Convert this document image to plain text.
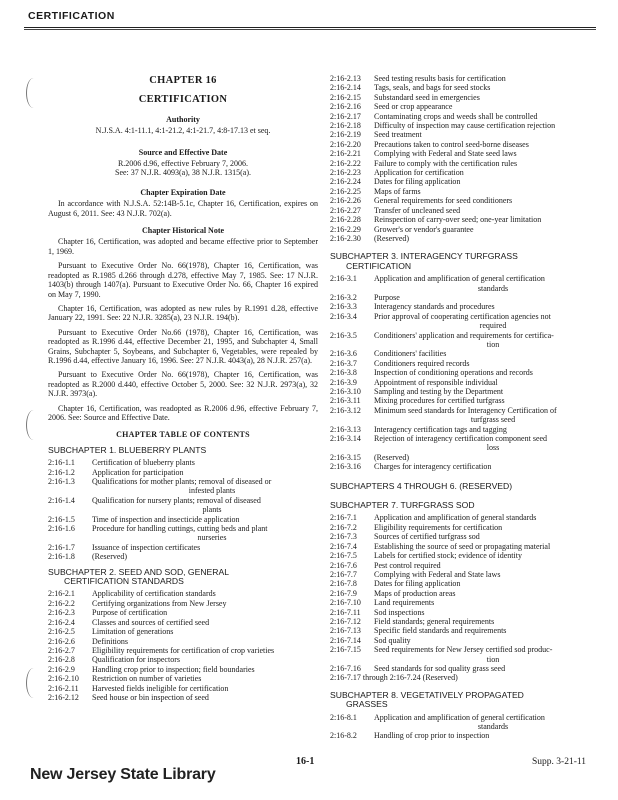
CERTIFICATION
CHAPTER 16
CERTIFICATION
Authority
N.J.S.A. 4:1-11.1, 4:1-21.2, 4:1-21.7, 4:8-17.13 et seq.
Source and Effective Date
R.2006 d.96, effective February 7, 2006.
See: 37 N.J.R. 4093(a), 38 N.J.R. 1315(a).
Chapter Expiration Date

In accordance with N.J.S.A. 52:14B-5.1c, Chapter 16, Certification, expires on August 6, 2011. See: 43 N.J.R. 702(a).

Chapter Historical Note

Chapter 16, Certification, was adopted and became effective prior to September 1, 1969.

Pursuant to Executive Order No. 66(1978), Chapter 16, Certification, was readopted as R.1985 d.266 through d.278, effective May 7, 1985. See: 17 N.J.R. 1403(b) through 1407(a). Pursuant to Executive Order No. 66, Chapter 16 expired on May 7, 1990.

Chapter 16, Certification, was adopted as new rules by R.1991 d.28, effective January 22, 1991. See: 22 N.J.R. 3285(a), 23 N.J.R. 194(b).

Pursuant to Executive Order No.66 (1978), Chapter 16, Certification, was readopted as R.1996 d.44, effective December 21, 1995, and Subchapter 4, Small Grains, Subchapter 5, Soybeans, and Subchapter 6, Vegetables, were repealed by R.1996 d.44, effective January 16, 1996. See: 27 N.J.R. 4043(a), 28 N.J.R. 257(a).

Pursuant to Executive Order No. 66(1978), Chapter 16, Certification, was readopted as R.2000 d.440, effective October 5, 2000. See: 32 N.J.R. 2973(a), 32 N.J.R. 3973(a).

Chapter 16, Certification, was readopted as R.2006 d.96, effective February 7, 2006. See: Source and Effective Date.

CHAPTER TABLE OF CONTENTS
SUBCHAPTER 1. BLUEBERRY PLANTS
2:16-1.1	Certification of blueberry plants
2:16-1.2	Application for participation
2:16-1.3	Qualifications for mother plants; removal of diseased or
infested plants
2:16-1.4	Qualification for nursery plants; removal of diseased
plants
2:16-1.5	Time of inspection and insecticide application
2:16-1.6	Procedure for handling cuttings, cutting beds and plant
nurseries
2:16-1.7	Issuance of inspection certificates
2:16-1.8	(Reserved)
SUBCHAPTER 2. SEED AND SOD, GENERAL
CERTIFICATION STANDARDS
2:16-2.1	Applicability of certification standards
2:16-2.2	Certifying organizations from New Jersey
2:16-2.3	Purpose of certification
2:16-2.4	Classes and sources of certified seed
2:16-2.5	Limitation of generations
2:16-2.6	Definitions
2:16-2.7	Eligibility requirements for certification of crop varieties
2:16-2.8	Qualification for inspectors
2:16-2.9	Handling crop prior to inspection; field boundaries
2:16-2.10	Restriction on number of varieties
2:16-2.11	Harvested fields ineligible for certification
2:16-2.12	Seed house or bin inspection of seed
2:16-2.13	Seed testing results basis for certification
2:16-2.14	Tags, seals, and bags for seed stocks
2:16-2.15	Substandard seed in emergencies
2:16-2.16	Seed or crop appearance
2:16-2.17	Contaminating crops and weeds shall be controlled
2:16-2.18	Difficulty of inspection may cause certification rejection
2:16-2.19	Seed treatment
2:16-2.20	Precautions taken to control seed-borne diseases
2:16-2.21	Complying with Federal and State seed laws
2:16-2.22	Failure to comply with the certification rules
2:16-2.23	Application for certification
2:16-2.24	Dates for filing application
2:16-2.25	Maps of farms
2:16-2.26	General requirements for seed conditioners
2:16-2.27	Transfer of uncleaned seed
2:16-2.28	Reinspection of carry-over seed; one-year limitation
2:16-2.29	Grower's or vendor's guarantee
2:16-2.30	(Reserved)
SUBCHAPTER 3. INTERAGENCY TURFGRASS
CERTIFICATION
2:16-3.1	Application and amplification of general certification
standards
2:16-3.2	Purpose
2:16-3.3	Interagency standards and procedures
2:16-3.4	Prior approval of cooperating certification agencies not
required
2:16-3.5	Conditioners' application and requirements for certifica-
tion
2:16-3.6	Conditioners' facilities
2:16-3.7	Conditioners required records
2:16-3.8	Inspection of conditioning operations and records
2:16-3.9	Appointment of responsible individual
2:16-3.10	Sampling and testing by the Department
2:16-3.11	Mixing procedures for certified turfgrass
2:16-3.12	Minimum seed standards for Interagency Certification of
turfgrass seed
2:16-3.13	Interagency certification tags and tagging
2:16-3.14	Rejection of interagency certification component seed
loss
2:16-3.15	(Reserved)
2:16-3.16	Charges for interagency certification
SUBCHAPTERS 4 THROUGH 6. (RESERVED)
SUBCHAPTER 7. TURFGRASS SOD
2:16-7.1	Application and amplification of general standards
2:16-7.2	Eligibility requirements for certification
2:16-7.3	Sources of certified turfgrass sod
2:16-7.4	Establishing the source of seed or propagating material
2:16-7.5	Labels for certified stock; evidence of identity
2:16-7.6	Pest control required
2:16-7.7	Complying with Federal and State laws
2:16-7.8	Dates for filing application
2:16-7.9	Maps of production areas
2:16-7.10	Land requirements
2:16-7.11	Sod inspections
2:16-7.12	Field standards; general requirements
2:16-7.13	Specific field standards and requirements
2:16-7.14	Sod quality
2:16-7.15	Seed requirements for New Jersey certified sod produc-
tion
2:16-7.16	Seed standards for sod quality grass seed
2:16-7.17 through 2:16-7.24 (Reserved)
SUBCHAPTER 8. VEGETATIVELY PROPAGATED
GRASSES
2:16-8.1	Application and amplification of general certification
standards
2:16-8.2	Handling of crop prior to inspection
New Jersey State Library
16-1	Supp. 3-21-11
